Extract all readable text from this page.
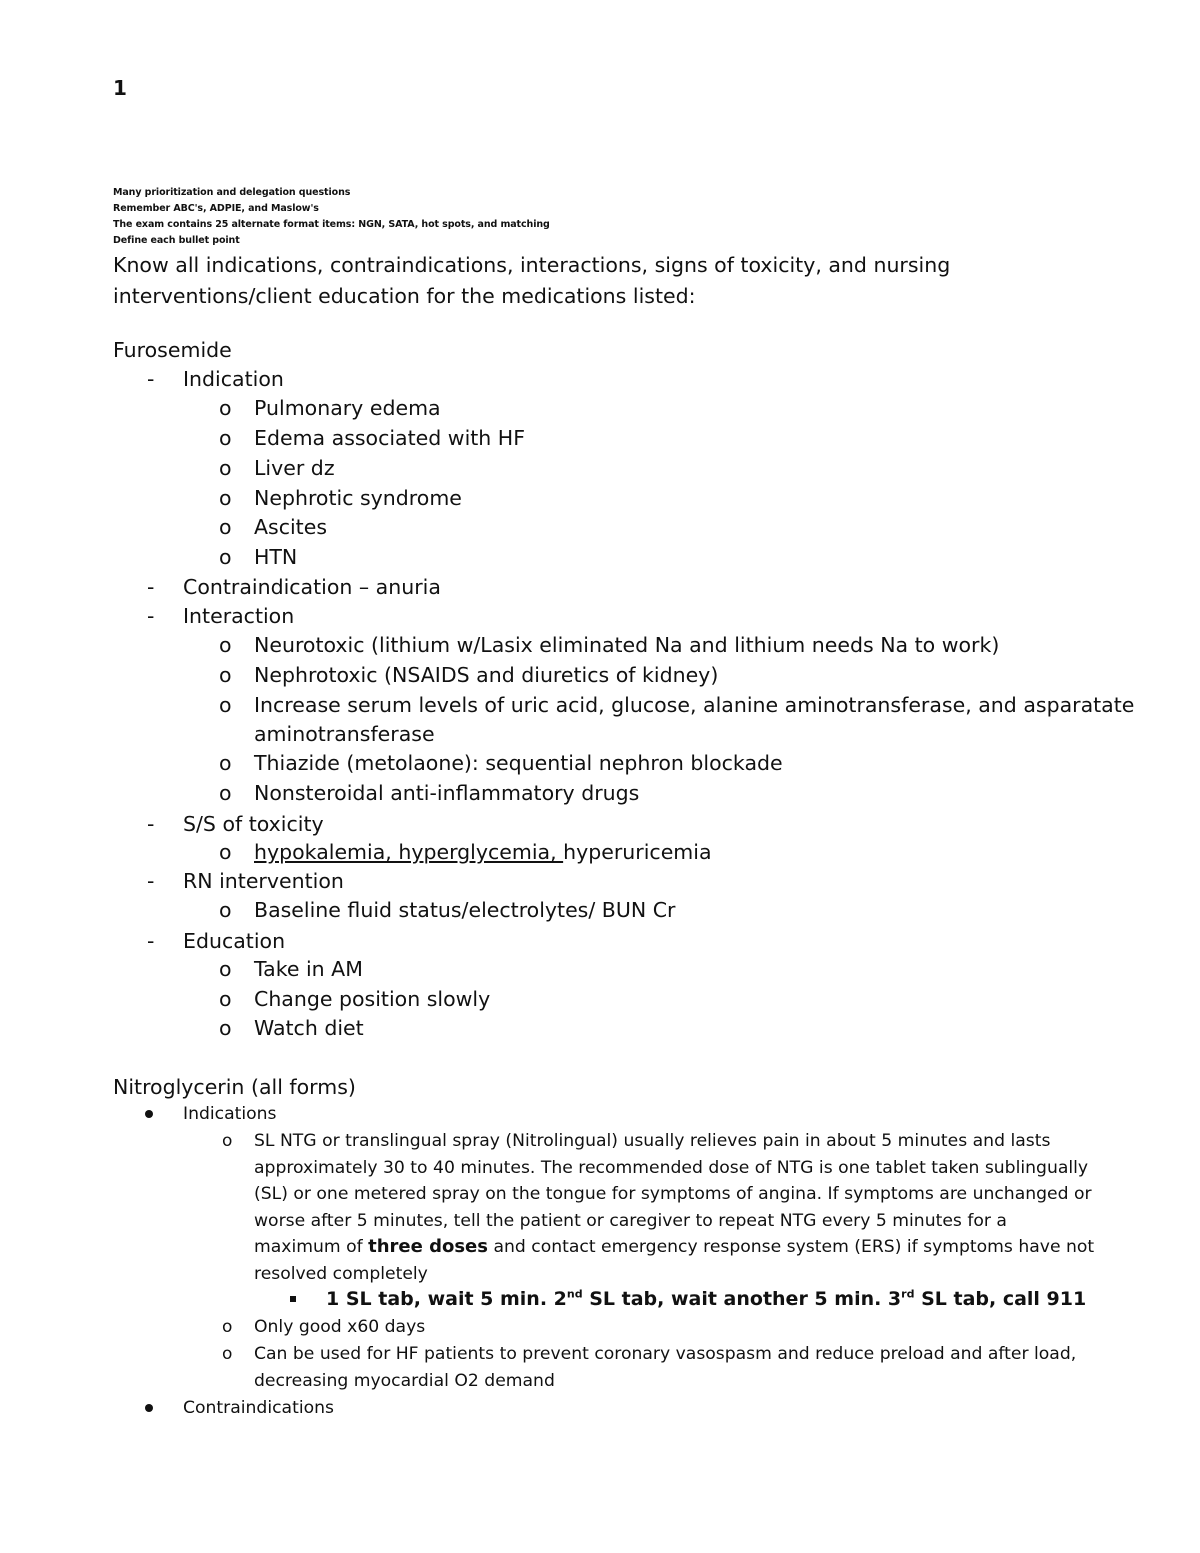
1
Many prioritization and delegation questions
Remember ABC's, ADPIE, and Maslow's
The exam contains 25 alternate format items: NGN, SATA, hot spots, and matching
Define each bullet point
Know all indications, contraindications, interactions, signs of toxicity, and nursing interventions/client education for the medications listed:
Furosemide
- Indication
o Pulmonary edema
o Edema associated with HF
o Liver dz
o Nephrotic syndrome
o Ascites
o HTN
- Contraindication – anuria
- Interaction
o Neurotoxic (lithium w/Lasix eliminated Na and lithium needs Na to work)
o Nephrotoxic (NSAIDS and diuretics of kidney)
o Increase serum levels of uric acid, glucose, alanine aminotransferase, and asparatate
aminotransferase
o Thiazide (metolaone): sequential nephron blockade
o Nonsteroidal anti-inflammatory drugs
- S/S of toxicity
o hypokalemia, hyperglycemia, hyperuricemia
- RN intervention
o Baseline fluid status/electrolytes/ BUN Cr
- Education
o Take in AM
o Change position slowly
o Watch diet
Nitroglycerin (all forms)
Indications
o SL NTG or translingual spray (Nitrolingual) usually relieves pain in about 5 minutes and lasts
approximately 30 to 40 minutes. The recommended dose of NTG is one tablet taken sublingually
(SL) or one metered spray on the tongue for symptoms of angina. If symptoms are unchanged or
worse after 5 minutes, tell the patient or caregiver to repeat NTG every 5 minutes for a
maximum of three doses and contact emergency response system (ERS) if symptoms have not
resolved completely
1 SL tab, wait 5 min. 2nd SL tab, wait another 5 min. 3rd SL tab, call 911
o Only good x60 days
o Can be used for HF patients to prevent coronary vasospasm and reduce preload and after load,
decreasing myocardial O2 demand
Contraindications
